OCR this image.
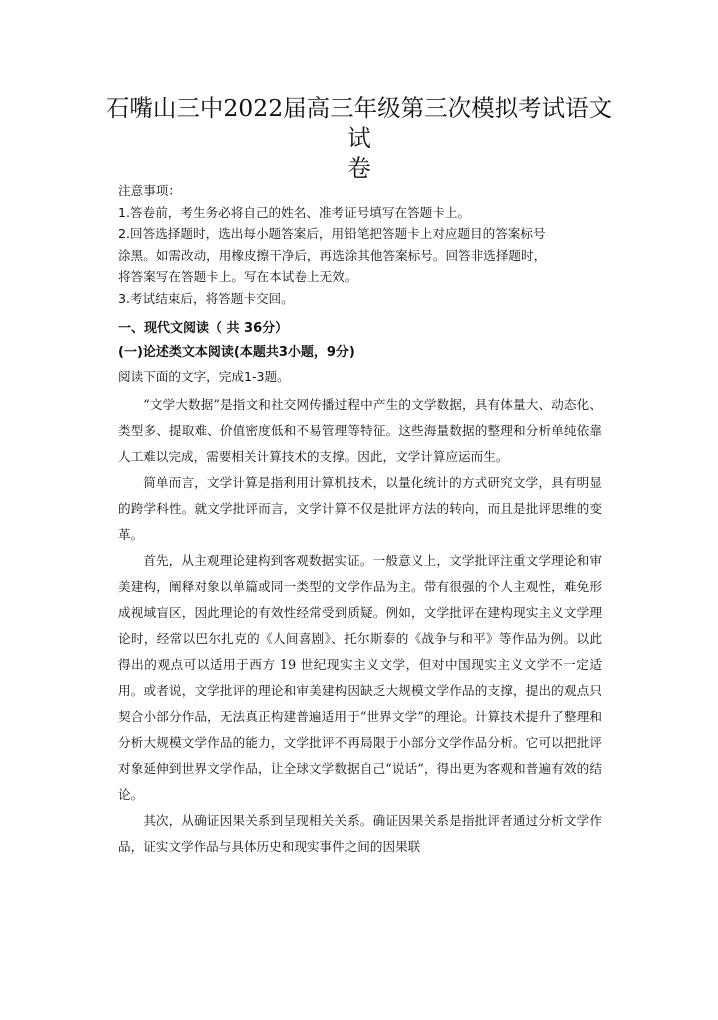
石嘴山三中2022届高三年级第三次模拟考试语文试
卷
注意事项：
1.答卷前，考生务必将自己的姓名、准考证号填写在答题卡上。
2.回答选择题时，选出每小题答案后，用铅笔把答题卡上对应题目的答案标号
涂黑。如需改动，用橡皮擦干净后，再选涂其他答案标号。回答非选择题时，
将答案写在答题卡上。写在本试卷上无效。
3.考试结束后，将答题卡交回。
一、现代文阅读（ 共 36分）
(一)论述类文本阅读(本题共3小题，9分)
阅读下面的文字，完成1-3题。

“文学大数据”是指文和社交网传播过程中产生的文学数据，具有体量大、动态化、类型多、提取难、价值密度低和不易管理等特征。这些海量数据的整理和分析单纯依靠人工难以完成，需要相关计算技术的支撑。因此，文学计算应运而生。

简单而言，文学计算是指利用计算机技术，以量化统计的方式研究文学，具有明显的跨学科性。就文学批评而言，文学计算不仅是批评方法的转向，而且是批评思维的变革。

首先，从主观理论建构到客观数据实证。一般意义上，文学批评注重文学理论和审美建构，阐释对象以单篇或同一类型的文学作品为主。带有很强的个人主观性，难免形成视域盲区，因此理论的有效性经常受到质疑。例如，文学批评在建构现实主义文学理论时，经常以巴尔扎克的《人间喜剧》、托尔斯泰的《战争与和平》等作品为例。以此得出的观点可以适用于西方 19 世纪现实主义文学，但对中国现实主义文学不一定适用。或者说，文学批评的理论和审美建构因缺乏大规模文学作品的支撑，提出的观点只契合小部分作品，无法真正构建普遍适用于“世界文学”的理论。计算技术提升了整理和分析大规模文学作品的能力，文学批评不再局限于小部分文学作品分析。它可以把批评对象延伸到世界文学作品，让全球文学数据自己“说话”，得出更为客观和普遍有效的结论。

其次，从确证因果关系到呈现相关关系。确证因果关系是指批评者通过分析文学作品，证实文学作品与具体历史和现实事件之间的因果联
